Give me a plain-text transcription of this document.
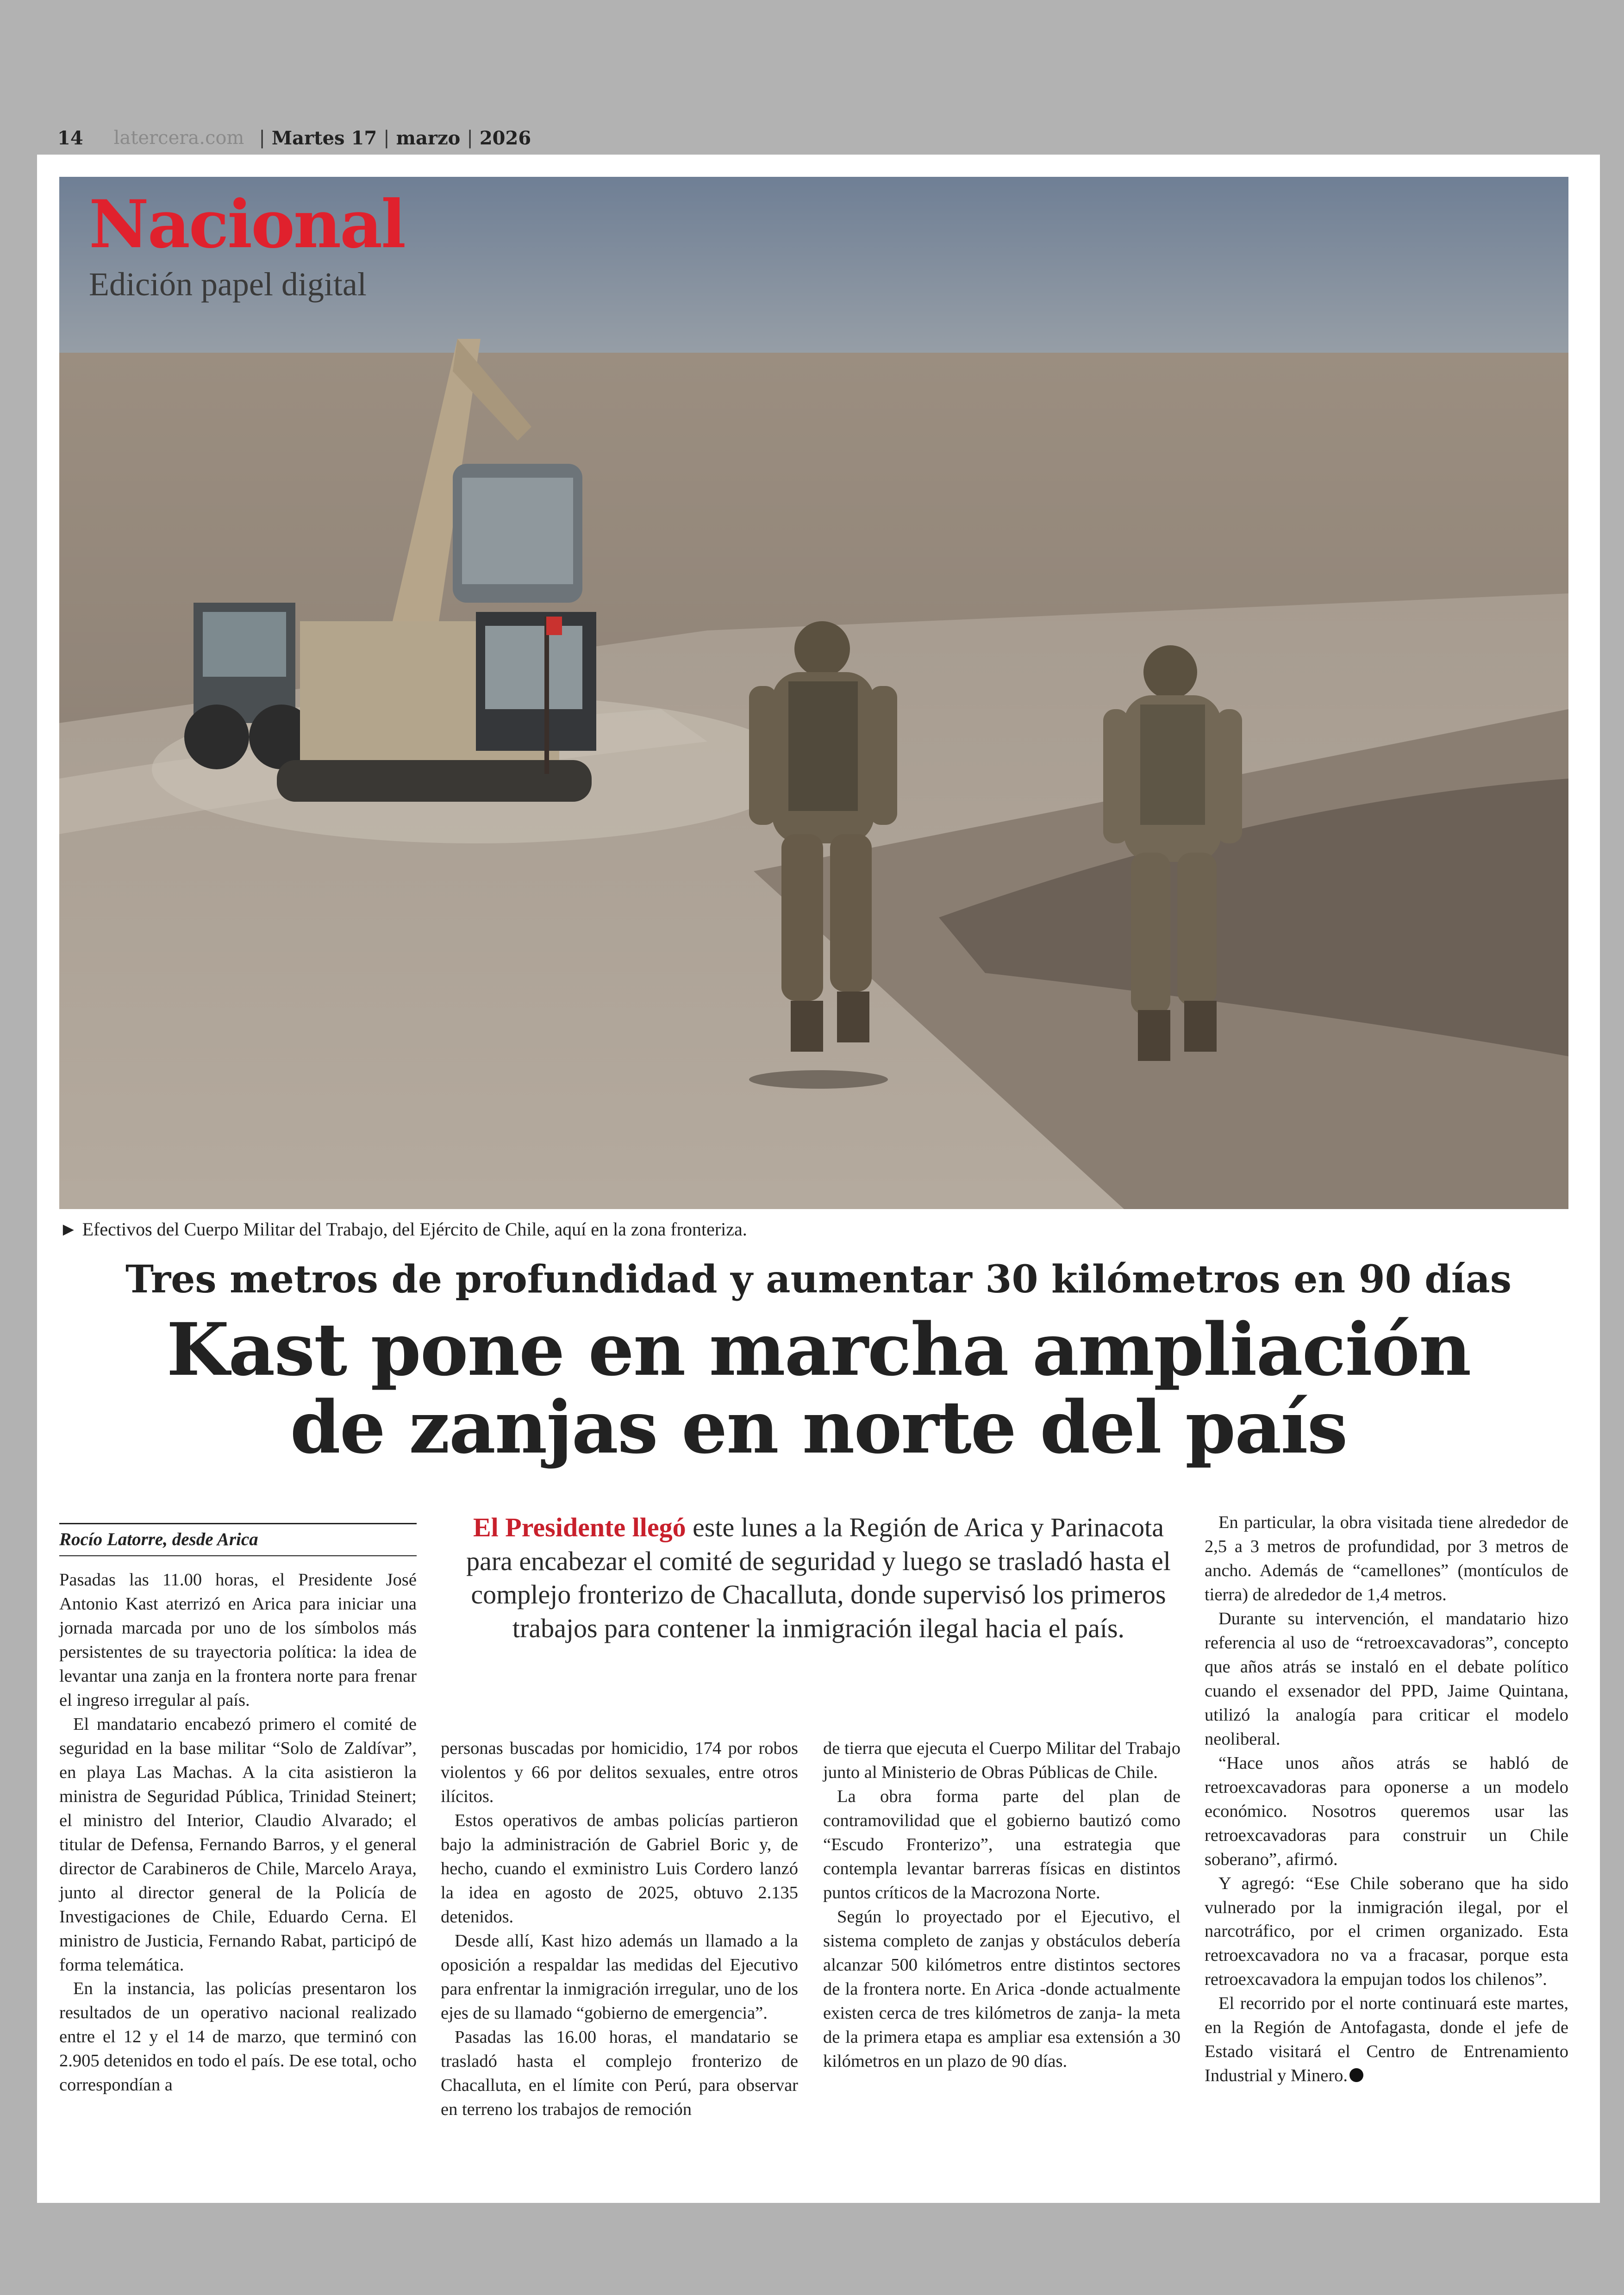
14 latercera.com | Martes 17 | marzo | 2026
Nacional
Edición papel digital
► Efectivos del Cuerpo Militar del Trabajo, del Ejército de Chile, aquí en la zona fronteriza.
Tres metros de profundidad y aumentar 30 kilómetros en 90 días
Kast pone en marcha ampliación
de zanjas en norte del país
Rocío Latorre, desde Arica	El Presidente llegó este lunes a la Región de Arica y Parinacota para encabezar el comité de seguridad y luego se trasladó hasta el complejo fronterizo de Chacalluta, donde supervisó los primeros trabajos para contener la inmigración ilegal hacia el país.

Pasadas las 11.00 horas, el Presidente José Antonio Kast aterrizó en Arica para iniciar una jornada marcada por uno de los símbolos más persistentes de su trayectoria política: la idea de levantar una zanja en la frontera norte para frenar el ingreso irregular al país.

El mandatario encabezó primero el comité de seguridad en la base militar “Solo de Zaldívar”, en playa Las Machas. A la cita asistieron la ministra de Seguridad Pública, Trinidad Steinert; el ministro del Interior, Claudio Alvarado; el titular de Defensa, Fernando Barros, y el general director de Carabineros de Chile, Marcelo Araya, junto al director general de la Policía de Investigaciones de Chile, Eduardo Cerna. El ministro de Justicia, Fernando Rabat, participó de forma telemática.

En la instancia, las policías presentaron los resultados de un operativo nacional realizado entre el 12 y el 14 de marzo, que terminó con 2.905 detenidos en todo el país. De ese total, ocho correspondían a

personas buscadas por homicidio, 174 por robos violentos y 66 por delitos sexuales, entre otros ilícitos.

Estos operativos de ambas policías partieron bajo la administración de Gabriel Boric y, de hecho, cuando el exministro Luis Cordero lanzó la idea en agosto de 2025, obtuvo 2.135 detenidos.

Desde allí, Kast hizo además un llamado a la oposición a respaldar las medidas del Ejecutivo para enfrentar la inmigración irregular, uno de los ejes de su llamado “gobierno de emergencia”.

Pasadas las 16.00 horas, el mandatario se trasladó hasta el complejo fronterizo de Chacalluta, en el límite con Perú, para observar en terreno los trabajos de remoción

de tierra que ejecuta el Cuerpo Militar del Trabajo junto al Ministerio de Obras Públicas de Chile.

La obra forma parte del plan de contramovilidad que el gobierno bautizó como “Escudo Fronterizo”, una estrategia que contempla levantar barreras físicas en distintos puntos críticos de la Macrozona Norte.

Según lo proyectado por el Ejecutivo, el sistema completo de zanjas y obstáculos debería alcanzar 500 kilómetros entre distintos sectores de la frontera norte. En Arica -donde actualmente existen cerca de tres kilómetros de zanja- la meta de la primera etapa es ampliar esa extensión a 30 kilómetros en un plazo de 90 días.

En particular, la obra visitada tiene alrededor de 2,5 a 3 metros de profundidad, por 3 metros de ancho. Además de “camellones” (montículos de tierra) de alrededor de 1,4 metros.

Durante su intervención, el mandatario hizo referencia al uso de “retroexcavadoras”, concepto que años atrás se instaló en el debate político cuando el exsenador del PPD, Jaime Quintana, utilizó la analogía para criticar el modelo neoliberal.

“Hace unos años atrás se habló de retroexcavadoras para oponerse a un modelo económico. Nosotros queremos usar las retroexcavadoras para construir un Chile soberano”, afirmó.

Y agregó: “Ese Chile soberano que ha sido vulnerado por la inmigración ilegal, por el narcotráfico, por el crimen organizado. Esta retroexcavadora no va a fracasar, porque esta retroexcavadora la empujan todos los chilenos”.

El recorrido por el norte continuará este martes, en la Región de Antofagasta, donde el jefe de Estado visitará el Centro de Entrenamiento Industrial y Minero.
